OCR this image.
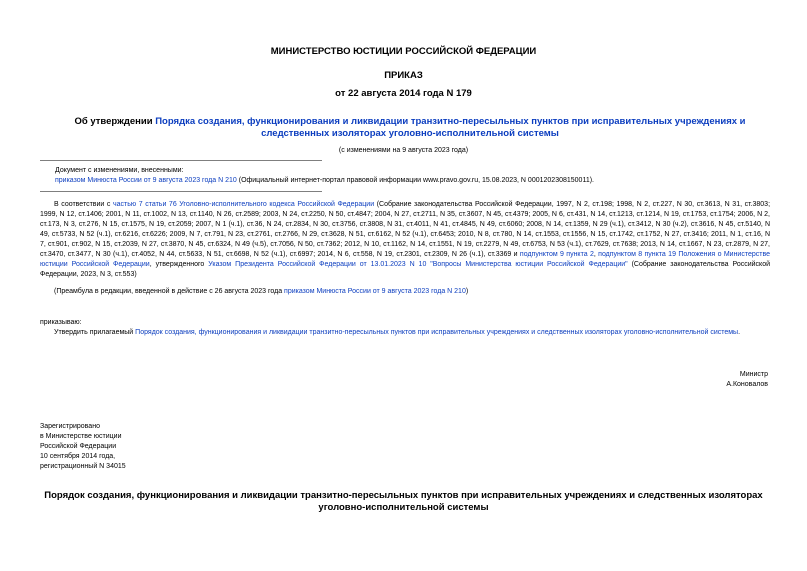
МИНИСТЕРСТВО ЮСТИЦИИ РОССИЙСКОЙ ФЕДЕРАЦИИ
ПРИКАЗ
от 22 августа 2014 года N 179
Об утверждении Порядка создания, функционирования и ликвидации транзитно-пересыльных пунктов при исправительных учреждениях и следственных изоляторах уголовно-исполнительной системы
(с изменениями на 9 августа 2023 года)
Документ с изменениями, внесенными:
приказом Минюста России от 9 августа 2023 года N 210 (Официальный интернет-портал правовой информации www.pravo.gov.ru, 15.08.2023, N 0001202308150011).
В соответствии с частью 7 статьи 76 Уголовно-исполнительного кодекса Российской Федерации (Собрание законодательства Российской Федерации, 1997, N 2, ст.198; 1998, N 2, ст.227, N 30, ст.3613, N 31, ст.3803; 1999, N 12, ст.1406; 2001, N 11, ст.1002, N 13, ст.1140, N 26, ст.2589; 2003, N 24, ст.2250, N 50, ст.4847; 2004, N 27, ст.2711, N 35, ст.3607, N 45, ст.4379; 2005, N 6, ст.431, N 14, ст.1213, ст.1214, N 19, ст.1753, ст.1754; 2006, N 2, ст.173, N 3, ст.276, N 15, ст.1575, N 19, ст.2059; 2007, N 1 (ч.1), ст.36, N 24, ст.2834, N 30, ст.3756, ст.3808, N 31, ст.4011, N 41, ст.4845, N 49, ст.6060; 2008, N 14, ст.1359, N 29 (ч.1), ст.3412, N 30 (ч.2), ст.3616, N 45, ст.5140, N 49, ст.5733, N 52 (ч.1), ст.6216, ст.6226; 2009, N 7, ст.791, N 23, ст.2761, ст.2766, N 29, ст.3628, N 51, ст.6162, N 52 (ч.1), ст.6453; 2010, N 8, ст.780, N 14, ст.1553, ст.1556, N 15, ст.1742, ст.1752, N 27, ст.3416; 2011, N 1, ст.16, N 7, ст.901, ст.902, N 15, ст.2039, N 27, ст.3870, N 45, ст.6324, N 49 (ч.5), ст.7056, N 50, ст.7362; 2012, N 10, ст.1162, N 14, ст.1551, N 19, ст.2279, N 49, ст.6753, N 53 (ч.1), ст.7629, ст.7638; 2013, N 14, ст.1667, N 23, ст.2879, N 27, ст.3470, ст.3477, N 30 (ч.1), ст.4052, N 44, ст.5633, N 51, ст.6698, N 52 (ч.1), ст.6997; 2014, N 6, ст.558, N 19, ст.2301, ст.2309, N 26 (ч.1), ст.3369 и подпунктом 9 пункта 2, подпунктом 8 пункта 19 Положения о Министерстве юстиции Российской Федерации, утвержденного Указом Президента Российской Федерации от 13.01.2023 N 10 "Вопросы Министерства юстиции Российской Федерации" (Собрание законодательства Российской Федерации, 2023, N 3, ст.553)
(Преамбула в редакции, введенной в действие с 26 августа 2023 года приказом Минюста России от 9 августа 2023 года N 210)
приказываю:
Утвердить прилагаемый Порядок создания, функционирования и ликвидации транзитно-пересыльных пунктов при исправительных учреждениях и следственных изоляторах уголовно-исполнительной системы.
Министр
А.Коновалов
Зарегистрировано
в Министерстве юстиции
Российской Федерации
10 сентября 2014 года,
регистрационный N 34015
Порядок создания, функционирования и ликвидации транзитно-пересыльных пунктов при исправительных учреждениях и следственных изоляторах уголовно-исполнительной системы
